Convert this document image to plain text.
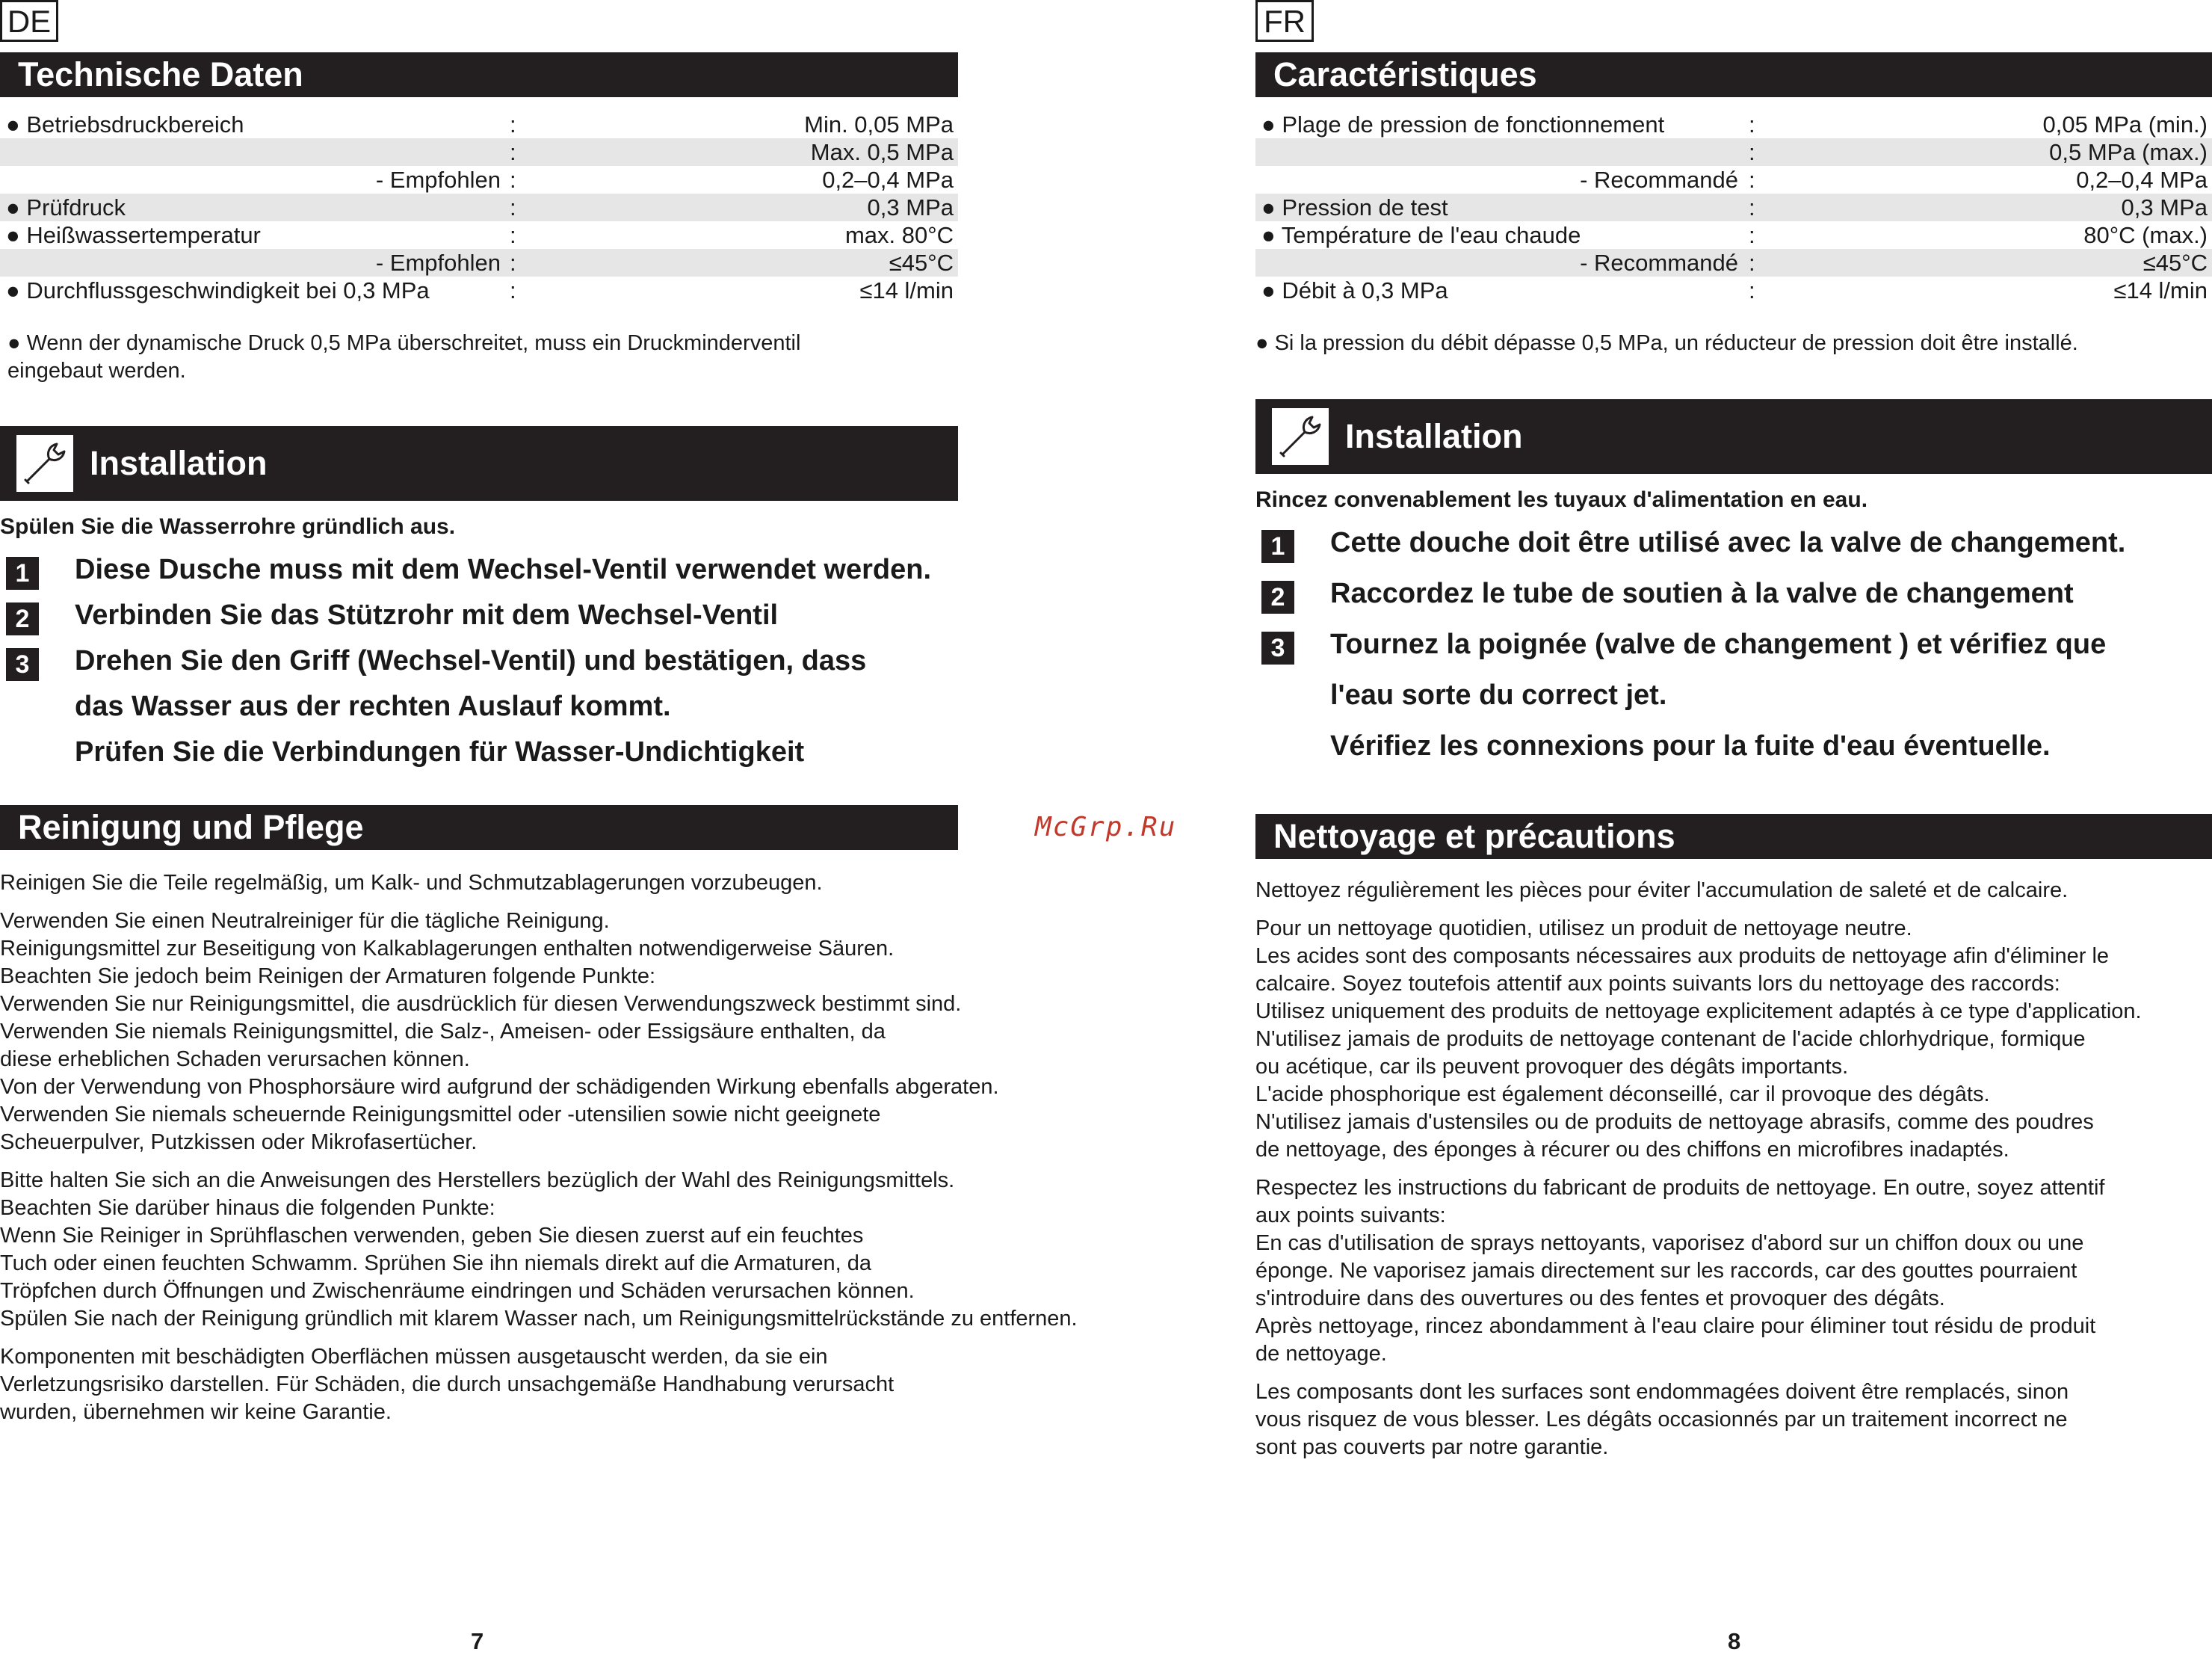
DE
Technische Daten
● Betriebsdruckbereich	:	Min. 0,05 MPa
:	Max. 0,5 MPa
- Empfohlen :	0,2–0,4 MPa
● Prüfdruck	:	0,3 MPa
● Heißwassertemperatur	:	max. 80°C
- Empfohlen :	≤45°C
● Durchflussgeschwindigkeit bei 0,3 MPa	:	≤14 l/min
● Wenn der dynamische Druck 0,5 MPa überschreitet, muss ein Druckminderventil
eingebaut werden.
Installation
Spülen Sie die Wasserrohre gründlich aus.
1	Diese Dusche muss mit dem Wechsel-Ventil verwendet werden.
2	Verbinden Sie das Stützrohr mit dem Wechsel-Ventil
3	Drehen Sie den Griff (Wechsel-Ventil) und bestätigen, dass
das Wasser aus der rechten Auslauf kommt.
Prüfen Sie die Verbindungen für Wasser-Undichtigkeit
Reinigung und Pflege
Reinigen Sie die Teile regelmäßig, um Kalk- und Schmutzablagerungen vorzubeugen.
Verwenden Sie einen Neutralreiniger für die tägliche Reinigung.
Reinigungsmittel zur Beseitigung von Kalkablagerungen enthalten notwendigerweise Säuren.
Beachten Sie jedoch beim Reinigen der Armaturen folgende Punkte:
Verwenden Sie nur Reinigungsmittel, die ausdrücklich für diesen Verwendungszweck bestimmt sind.
Verwenden Sie niemals Reinigungsmittel, die Salz-, Ameisen- oder Essigsäure enthalten, da
diese erheblichen Schaden verursachen können.
Von der Verwendung von Phosphorsäure wird aufgrund der schädigenden Wirkung ebenfalls abgeraten.
Verwenden Sie niemals scheuernde Reinigungsmittel oder -utensilien sowie nicht geeignete
Scheuerpulver, Putzkissen oder Mikrofasertücher.
Bitte halten Sie sich an die Anweisungen des Herstellers bezüglich der Wahl des Reinigungsmittels.
Beachten Sie darüber hinaus die folgenden Punkte:
Wenn Sie Reiniger in Sprühflaschen verwenden, geben Sie diesen zuerst auf ein feuchtes
Tuch oder einen feuchten Schwamm. Sprühen Sie ihn niemals direkt auf die Armaturen, da
Tröpfchen durch Öffnungen und Zwischenräume eindringen und Schäden verursachen können.
Spülen Sie nach der Reinigung gründlich mit klarem Wasser nach, um Reinigungsmittelrückstände zu entfernen.
Komponenten mit beschädigten Oberflächen müssen ausgetauscht werden, da sie ein
Verletzungsrisiko darstellen. Für Schäden, die durch unsachgemäße Handhabung verursacht
wurden, übernehmen wir keine Garantie.
7
McGrp.Ru
FR
Caractéristiques
● Plage de pression de fonctionnement	:	0,05 MPa (min.)
:	0,5 MPa (max.)
- Recommandé :	0,2–0,4 MPa
● Pression de test	:	0,3 MPa
● Température de l'eau chaude	:	80°C (max.)
- Recommandé :	≤45°C
● Débit à 0,3 MPa	:	≤14 l/min
● Si la pression du débit dépasse 0,5 MPa, un réducteur de pression doit être installé.
Installation
Rincez convenablement les tuyaux d'alimentation en eau.
1	Cette douche doit être utilisé avec la valve de changement.
2	Raccordez le tube de soutien à la valve de changement
3	Tournez la poignée (valve de changement ) et vérifiez que
l'eau sorte du correct jet.
Vérifiez les connexions pour la fuite d'eau éventuelle.
Nettoyage et précautions
Nettoyez régulièrement les pièces pour éviter l'accumulation de saleté et de calcaire.
Pour un nettoyage quotidien, utilisez un produit de nettoyage neutre.
Les acides sont des composants nécessaires aux produits de nettoyage afin d'éliminer le
calcaire. Soyez toutefois attentif aux points suivants lors du nettoyage des raccords:
Utilisez uniquement des produits de nettoyage explicitement adaptés à ce type d'application.
N'utilisez jamais de produits de nettoyage contenant de l'acide chlorhydrique, formique
ou acétique, car ils peuvent provoquer des dégâts importants.
L'acide phosphorique est également déconseillé, car il provoque des dégâts.
N'utilisez jamais d'ustensiles ou de produits de nettoyage abrasifs, comme des poudres
de nettoyage, des éponges à récurer ou des chiffons en microfibres inadaptés.
Respectez les instructions du fabricant de produits de nettoyage. En outre, soyez attentif
aux points suivants:
En cas d'utilisation de sprays nettoyants, vaporisez d'abord sur un chiffon doux ou une
éponge. Ne vaporisez jamais directement sur les raccords, car des gouttes pourraient
s'introduire dans des ouvertures ou des fentes et provoquer des dégâts.
Après nettoyage, rincez abondamment à l'eau claire pour éliminer tout résidu de produit
de nettoyage.
Les composants dont les surfaces sont endommagées doivent être remplacés, sinon
vous risquez de vous blesser. Les dégâts occasionnés par un traitement incorrect ne
sont pas couverts par notre garantie.
8
